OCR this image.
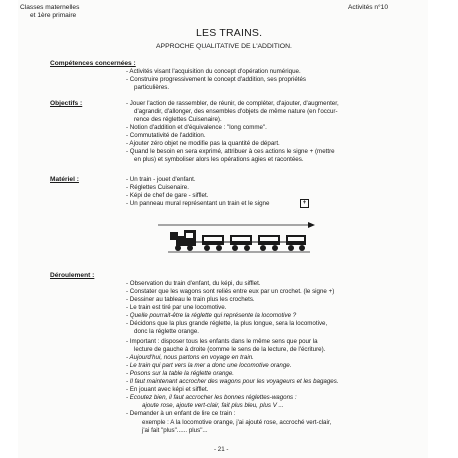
Classes maternelles
et 1ère primaire
Activités n°10
LES TRAINS.
APPROCHE QUALITATIVE DE L'ADDITION.
Compétences concernées :
- Activités visant l'acquisition du concept d'opération numérique.
- Construire progressivement le concept d'addition, ses propriétés
particulières.
Objectifs :	- Jouer l'action de rassembler, de réunir, de compléter, d'ajouter, d'augmenter,
d'agrandir, d'allonger, des ensembles d'objets de même nature (en l'occur-
rence des réglettes Cuisenaire).
- Notion d'addition et d'équivalence : "long comme".
- Commutativité de l'addition.
- Ajouter zéro objet ne modifie pas la quantité de départ.
- Quand le besoin en sera exprimé, attribuer à ces actions le signe + (mettre
en plus) et symboliser alors les opérations agies et racontées.
Matériel :	- Un train - jouet d'enfant.
- Réglettes Cuisenaire.
- Képi de chef de gare - sifflet.
- Un panneau mural représentant un train et le signe	+
Déroulement :
- Observation du train d'enfant, du képi, du sifflet.
- Constater que les wagons sont reliés entre eux par un crochet. (le signe +)
- Dessiner au tableau le train plus les crochets.
- Le train est tiré par une locomotive.
- Quelle pourrait-être la réglette qui représente la locomotive ?
- Décidons que la plus grande réglette, la plus longue, sera la locomotive,
donc la réglette orange.
- Important : disposer tous les enfants dans le même sens que pour la
lecture de gauche à droite (comme le sens de la lecture, de l'écriture).
- Aujourd'hui, nous partons en voyage en train.
- Le train qui part vers la mer a donc une locomotive orange.
- Posons sur la table la réglette orange.
- Il faut maintenant accrocher des wagons pour les voyageurs et les bagages.
- En jouant avec képi et sifflet.
- Ecoutez bien, il faut accrocher les bonnes réglettes-wagons :
ajoute rose, ajoute vert-clair, fait plus bleu, plus V ...
- Demander à un enfant de lire ce train :
exemple : A la locomotive orange, j'ai ajouté rose, accroché vert-clair,
j'ai fait "plus"...... plus"...
- 21 -
